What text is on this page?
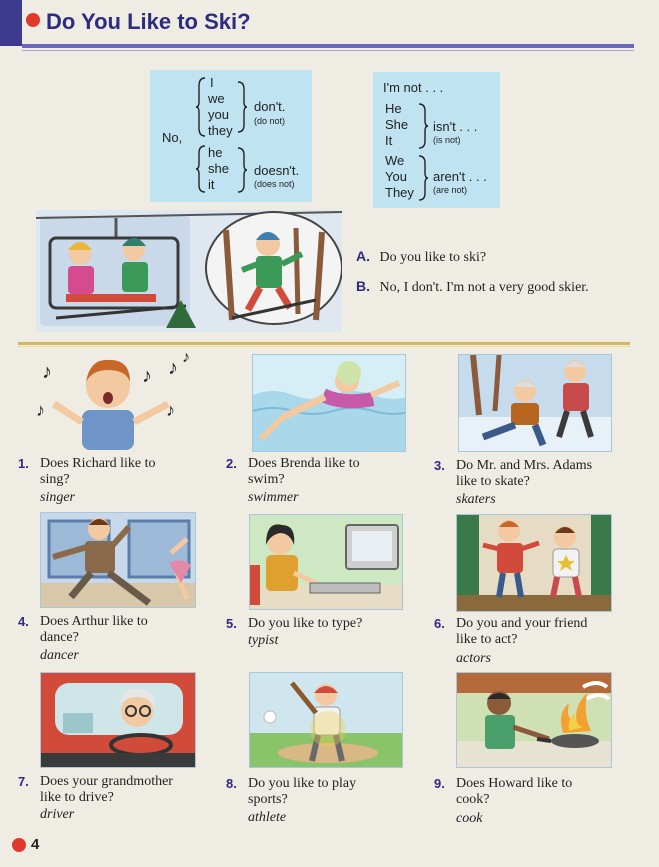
Do You Like to Ski?
No,
I
we
you
they
don't.
(do not)
he
she
it
doesn't.
(does not)
I'm not . . .
He
She
It
isn't . . .
(is not)
We
You
They
aren't . . .
(are not)
A. Do you like to ski?
B. No, I don't. I'm not a very good skier.
♪	♪ ♪ ♪
♪	♪
1. Does Richard like to
sing?
singer
2. Does Brenda like to
swim?
swimmer
3. Do Mr. and Mrs. Adams
like to skate?
skaters
4. Does Arthur like to
dance?
dancer
5. Do you like to type?
typist
6. Do you and your friend
like to act?
actors
7. Does your grandmother
like to drive?
driver
8. Do you like to play
sports?
athlete
9. Does Howard like to
cook?
cook
4
